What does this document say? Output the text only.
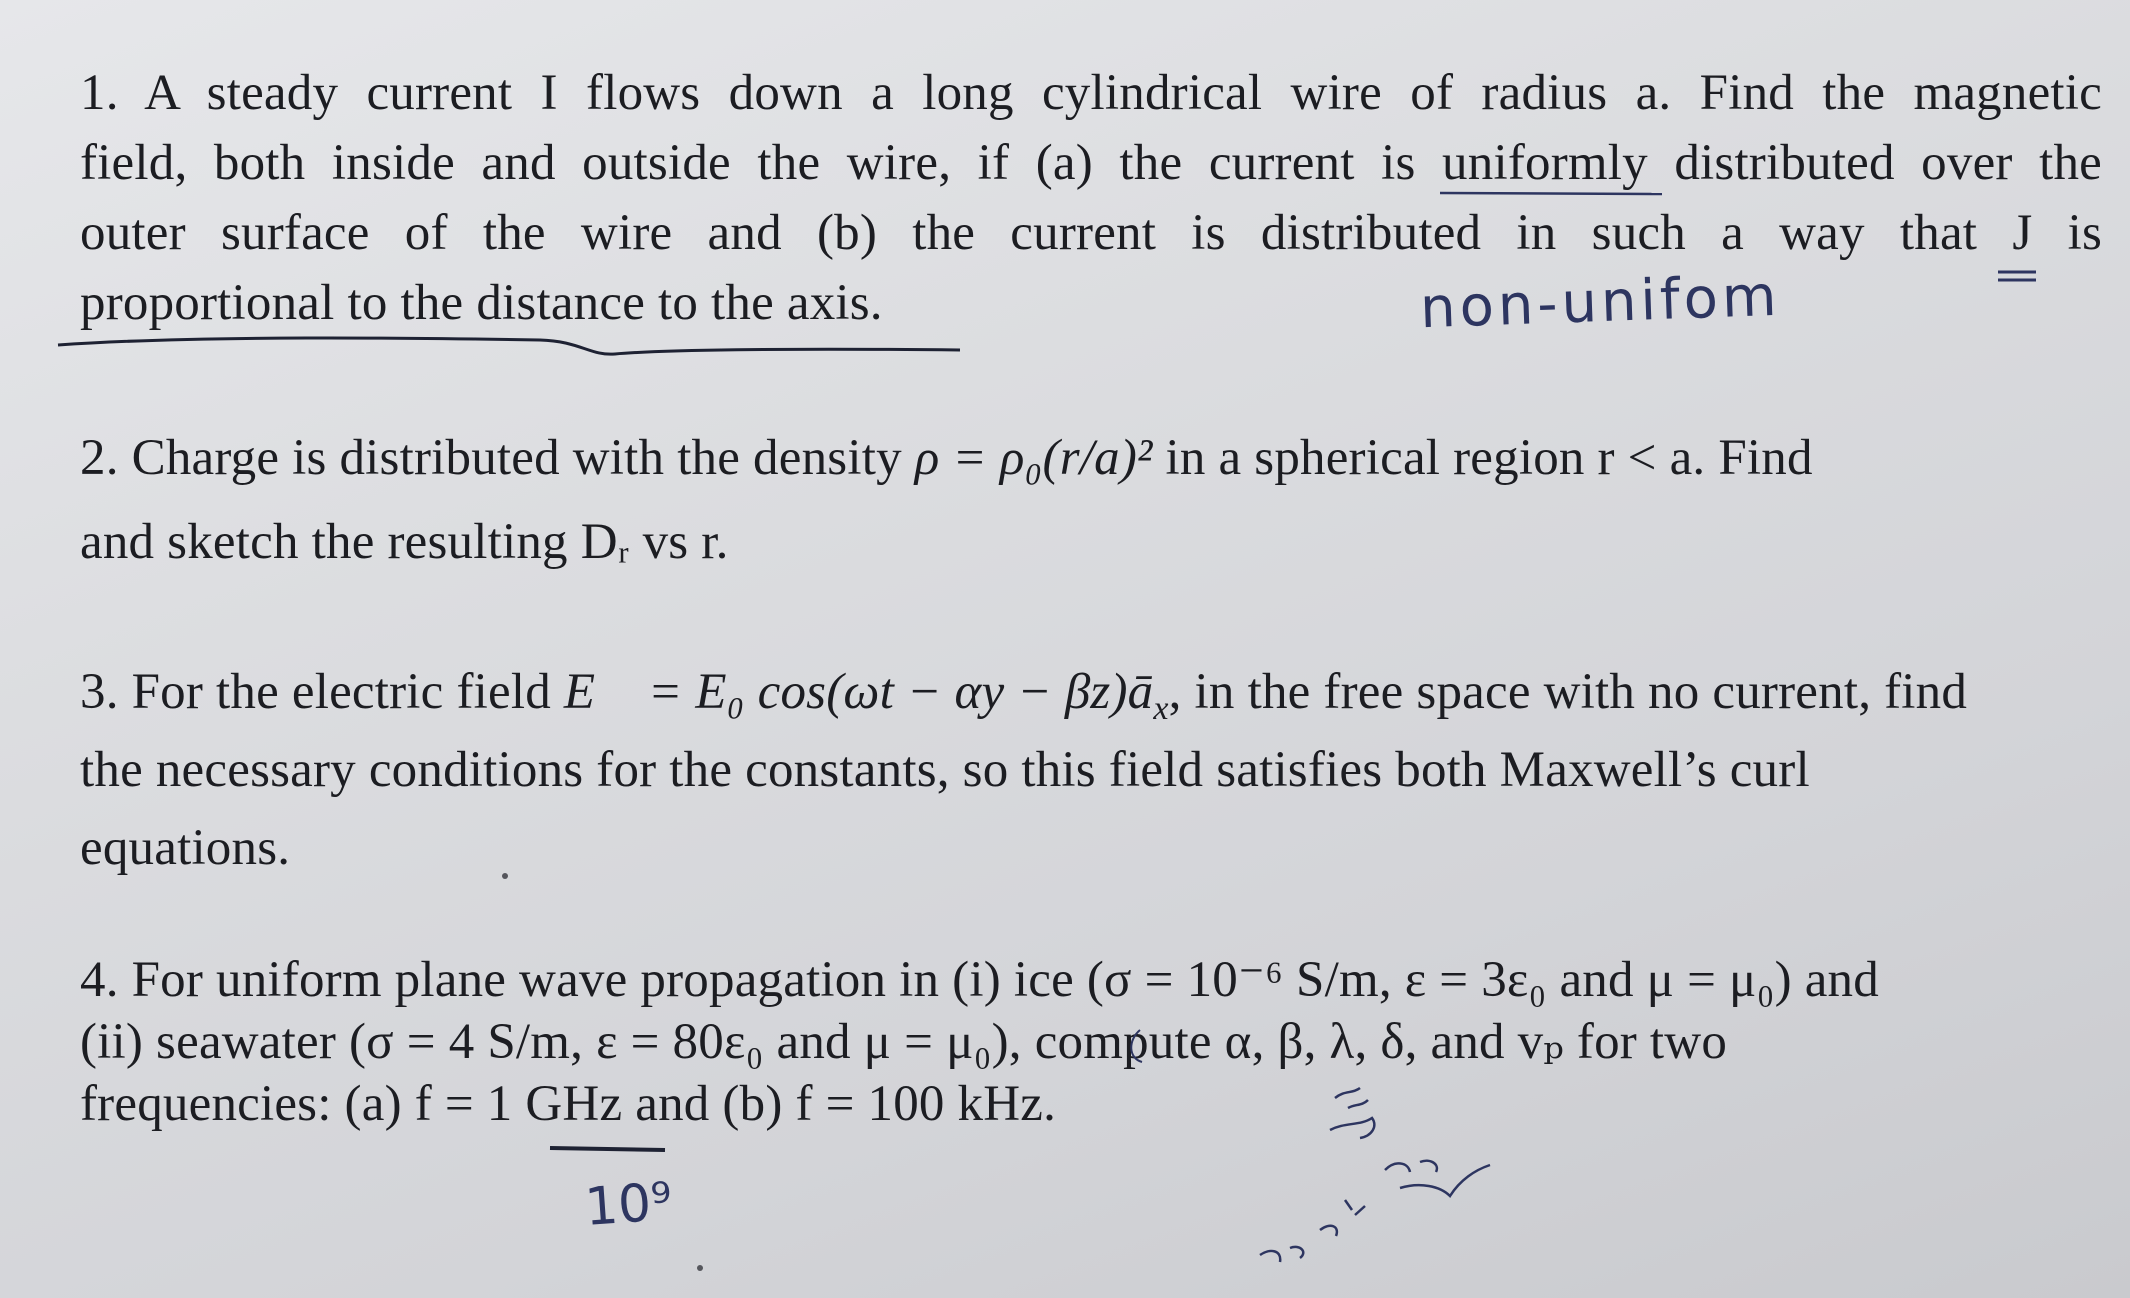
1. A steady current I flows down a long cylindrical wire of radius a. Find the magnetic
field, both inside and outside the wire, if (a) the current is uniformly distributed over the
outer surface of the wire and (b) the current is distributed in such a way that J is
proportional to the distance to the axis.
2. Charge is distributed with the density ρ = ρ₀(r/a)² in a spherical region r < a. Find
and sketch the resulting Dᵣ vs r.
3. For the electric field E⃗ = E₀ $\cos(\omega t - \alpha y - \beta z)ā_x$, in the free space with no current, find
the necessary conditions for the constants, so this field satisfies both Maxwell’s curl
equations.
4. For uniform plane wave propagation in (i) ice (σ = 10⁻⁶ S/m, ε = 3ε₀ and μ = μ₀) and
(ii) seawater (σ = 4 S/m, ε = 80ε₀ and μ = μ₀), compute α, β, λ, δ, and vₚ for two
frequencies: (a) f = 1 GHz and (b) f = 100 kHz.
non-unifom
10⁹
